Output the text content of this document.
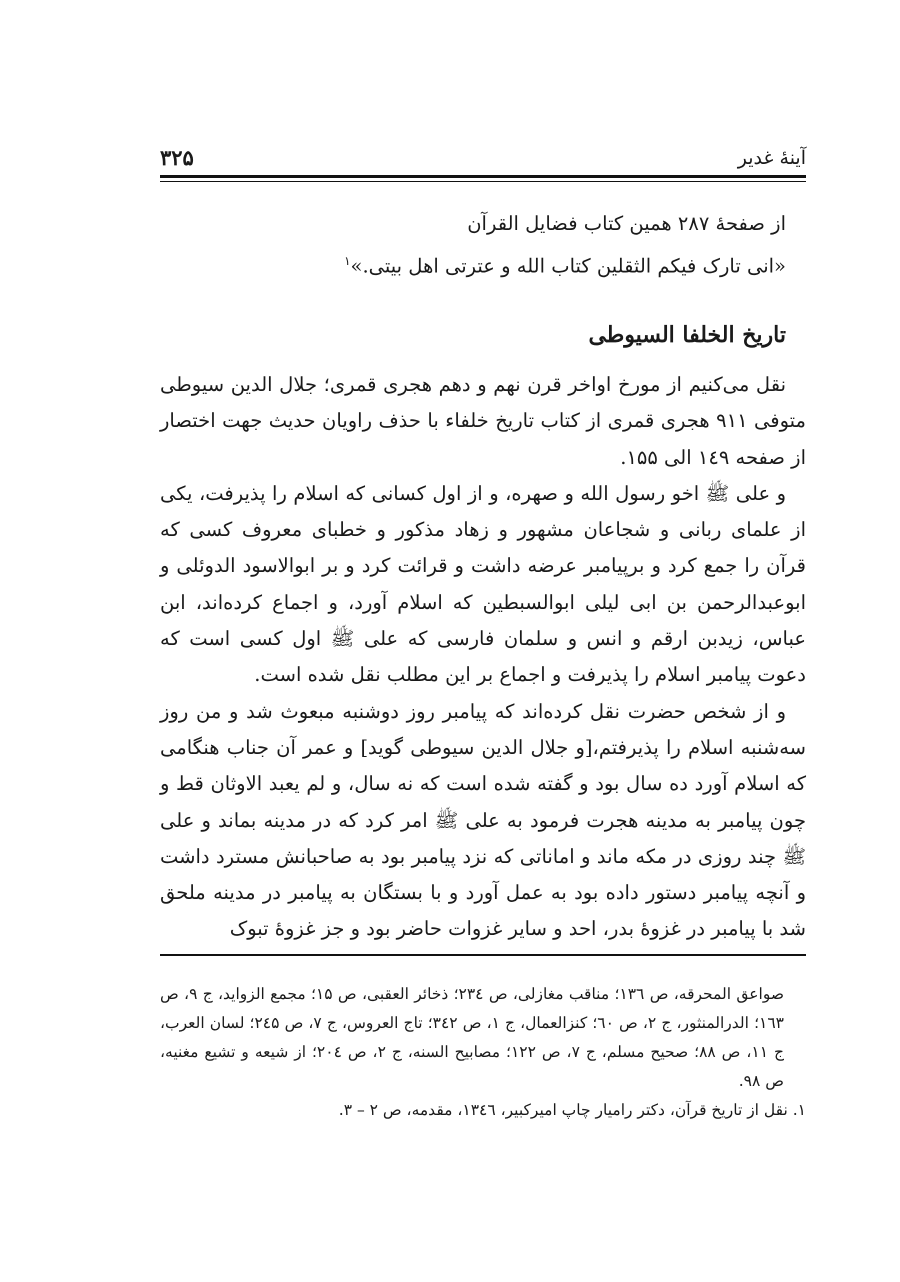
آینهٔ غدیر
۳۲۵
از صفحهٔ ۲۸۷ همین کتاب فضایل القرآن
«انی تارک فیکم الثقلین کتاب الله و عترتی اهل بیتی.»$^۱$
تاریخ الخلفا السیوطی

نقل می‌کنیم از مورخ اواخر قرن نهم و دهم هجری قمری؛ جلال الدین سیوطی متوفی ۹۱۱ هجری قمری از کتاب تاریخ خلفاء با حذف راویان حدیث جهت اختصار از صفحه ۱٤۹ الی ۱۵۵.

و علی ﷺ اخو رسول الله و صهره، و از اول کسانی که اسلام را پذیرفت، یکی از علمای ربانی و شجاعان مشهور و زهاد مذکور و خطبای معروف کسی که قرآن را جمع کرد و برپیامبر عرضه داشت و قرائت کرد و بر ابوالاسود الدوئلی و ابوعبدالرحمن بن ابی لیلی ابوالسبطین که اسلام آورد، و اجماع کرده‌اند، ابن عباس، زیدبن ارقم و انس و سلمان فارسی که علی ﷺ اول کسی است که دعوت پیامبر اسلام را پذیرفت و اجماع بر این مطلب نقل شده است.

و از شخص حضرت نقل کرده‌اند که پیامبر روز دوشنبه مبعوث شد و من روز سه‌شنبه اسلام را پذیرفتم،[و جلال الدین سیوطی گوید] و عمر آن جناب هنگامی که اسلام آورد ده سال بود و گفته شده است که نه سال، و لم یعبد الاوثان قط و چون پیامبر به مدینه هجرت فرمود به علی ﷺ امر کرد که در مدینه بماند و علی ﷺ چند روزی در مکه ماند و اماناتی که نزد پیامبر بود به صاحبانش مسترد داشت و آنچه پیامبر دستور داده بود به عمل آورد و با بستگان به پیامبر در مدینه ملحق شد با پیامبر در غزوهٔ بدر، احد و سایر غزوات حاضر بود و جز غزوهٔ تبوک

صواعق المحرقه، ص ۱۳٦؛ مناقب مغازلی، ص ۲۳٤؛ ذخائر العقبی، ص ۱۵؛ مجمع الزواید، ج ۹، ص ۱٦۳؛ الدرالمنثور، ج ۲، ص ٦۰؛ کنزالعمال، ج ۱، ص ۳٤۲؛ تاج العروس، ج ۷، ص ۲٤۵؛ لسان العرب، ج ۱۱، ص ۸۸؛ صحیح مسلم، ج ۷، ص ۱۲۲؛ مصابیح السنه، ج ۲، ص ۲۰٤؛ از شیعه و تشیع مغنیه، ص ۹۸.

۱. نقل از تاریخ قرآن، دکتر رامیار چاپ امیرکبیر، ۱۳٤٦، مقدمه، ص ۲ – ۳.
